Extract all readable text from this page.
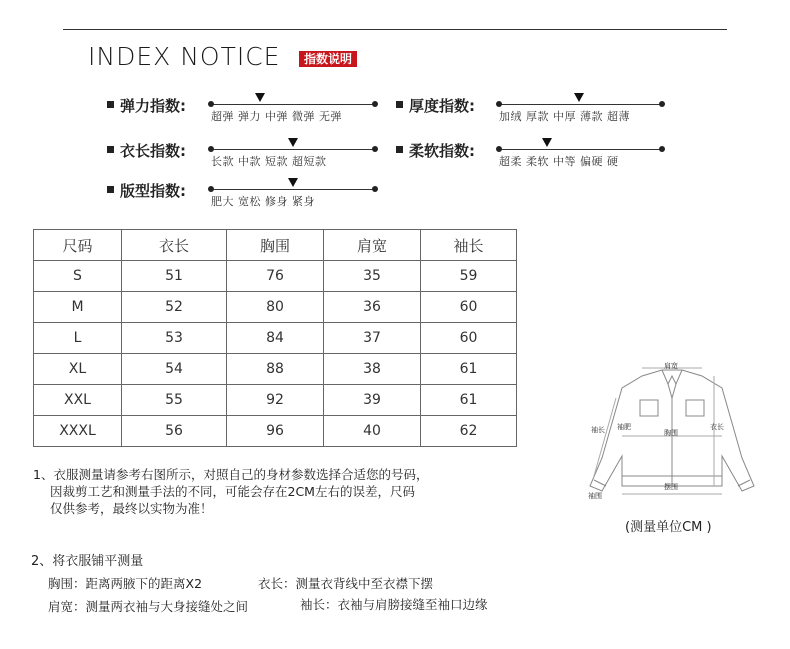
INDEX NOTICE	指数说明
弹力指数:
超弹 弹力 中弹 微弹 无弹
厚度指数:
加绒 厚款 中厚 薄款 超薄
衣长指数:
长款 中款 短款 超短款
柔软指数:
超柔 柔软 中等 偏硬 硬
版型指数:
肥大 宽松 修身 紧身
尺码	衣长	胸围	肩宽	袖长
S	51	76	35	59
M	52	80	36	60
L	53	84	37	60
XL	54	88	38	61
XXL	55	92	39	61
XXXL	56	96	40	62
肩宽
袖长 袖肥
胸围
衣长
摆围
袖围
(测量单位CM )
1、衣服测量请参考右图所示，对照自己的身材参数选择合适您的号码，
因裁剪工艺和测量手法的不同，可能会存在2CM左右的误差，尺码
仅供参考，最终以实物为准！
2、将衣服铺平测量
胸围：距离两腋下的距离X2	衣长：测量衣背线中至衣襟下摆
肩宽：测量两衣袖与大身接缝处之间	袖长：衣袖与肩膀接缝至袖口边缘
